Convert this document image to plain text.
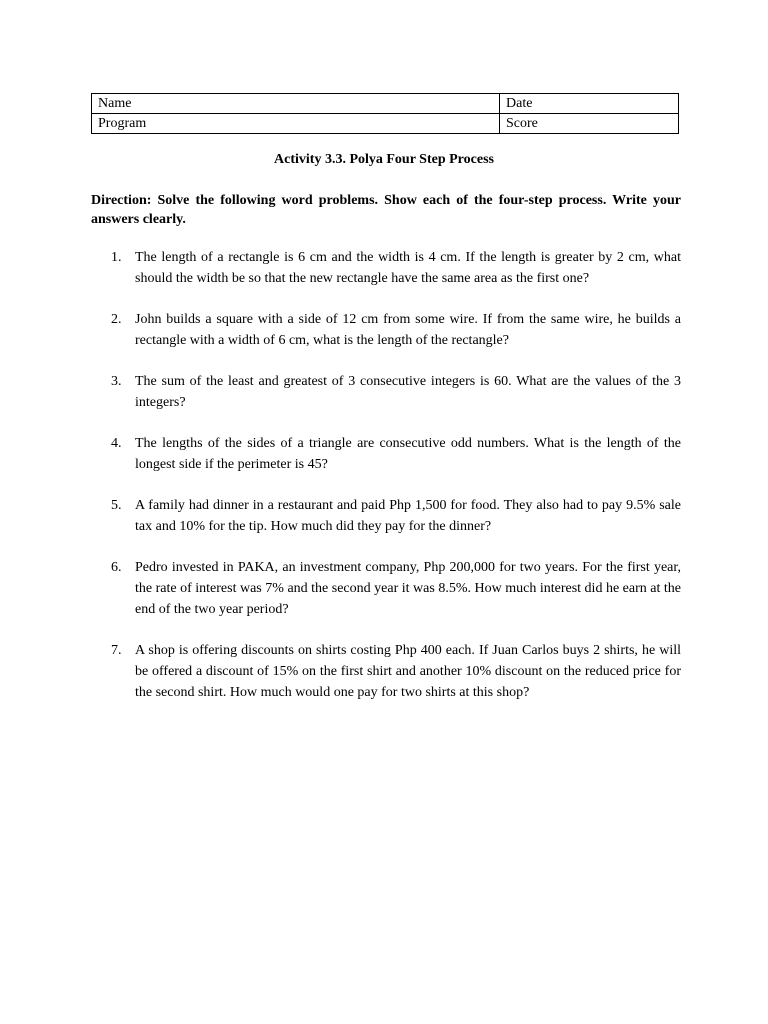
Name	Date
Program	Score
Activity 3.3. Polya Four Step Process
Direction: Solve the following word problems. Show each of the four-step process. Write your answers clearly.
1. The length of a rectangle is 6 cm and the width is 4 cm. If the length is greater by 2 cm, what should the width be so that the new rectangle have the same area as the first one?
2. John builds a square with a side of 12 cm from some wire. If from the same wire, he builds a rectangle with a width of 6 cm, what is the length of the rectangle?
3. The sum of the least and greatest of 3 consecutive integers is 60. What are the values of the 3 integers?
4. The lengths of the sides of a triangle are consecutive odd numbers. What is the length of the longest side if the perimeter is 45?
5. A family had dinner in a restaurant and paid Php 1,500 for food. They also had to pay 9.5% sale tax and 10% for the tip. How much did they pay for the dinner?
6. Pedro invested in PAKA, an investment company, Php 200,000 for two years. For the first year, the rate of interest was 7% and the second year it was 8.5%. How much interest did he earn at the end of the two year period?
7. A shop is offering discounts on shirts costing Php 400 each. If Juan Carlos buys 2 shirts, he will be offered a discount of 15% on the first shirt and another 10% discount on the reduced price for the second shirt. How much would one pay for two shirts at this shop?
